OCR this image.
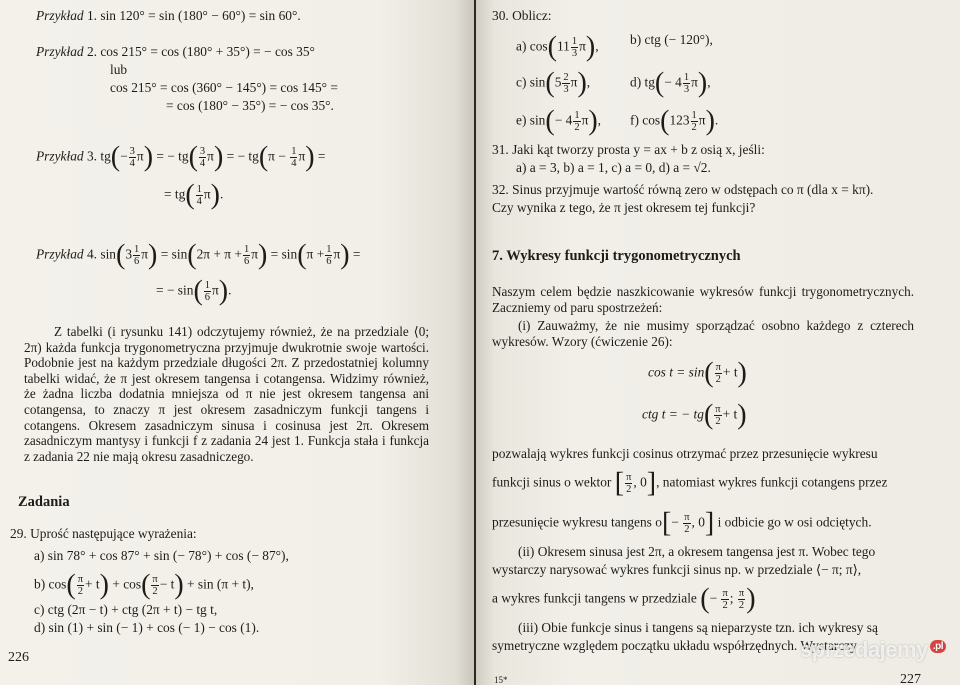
Przykład 1. sin 120° = sin (180° − 60°) = sin 60°.
Przykład 2. cos 215° = cos (180° + 35°) = − cos 35°
lub
cos 215° = cos (360° − 145°) = cos 145° =
= cos (180° − 35°) = − cos 35°.
Przykład 3. $tg(- \frac{3}{4} \pi)$ = − $tg( \frac{3}{4} \pi)$ = − $tg(\pi - \frac{1}{4} \pi)$ =
= $tg( \frac{1}{4} \pi)$.
Przykład 4. $\sin(3 \frac{1}{6} \pi) = \sin(2\pi + \pi + \frac{1}{6} \pi) = \sin(\pi + \frac{1}{6} \pi)$ =
= − $\sin( \frac{1}{6} \pi)$.
Z tabelki (i rysunku 141) odczytujemy również, że na przedziale ⟨0; 2π) każda funkcja trygonometryczna przyjmuje dwukrotnie swoje wartości. Podobnie jest na każdym przedziale długości 2π. Z przedostatniej kolumny tabelki widać, że π jest okresem tangensa i cotangensa. Widzimy również, że żadna liczba dodatnia mniejsza od π nie jest okresem tangensa ani cotangensa, to znaczy π jest okresem zasadniczym funkcji tangens i cotangens. Okresem zasadniczym sinusa i cosinusa jest 2π. Okresem zasadniczym mantysy i funkcji f z zadania 24 jest 1. Funkcja stała i funkcja z zadania 22 nie mają okresu zasadniczego.
Zadania
29. Uprość następujące wyrażenia:
a) sin 78° + cos 87° + sin (− 78°) + cos (− 87°),
b) $\cos( \frac{\pi}{2} + t) + \cos( \frac{\pi}{2} - t) + \sin (\pi + t)$,
c) ctg (2π − t) + ctg (2π + t) − tg t,
d) sin (1) + sin (− 1) + cos (− 1) − cos (1).
226
30. Oblicz:
a) $\cos(11 \frac{1}{3} \pi)$, b) ctg (− 120°),
c) $\sin(5 \frac{2}{3} \pi)$,	d) $tg(- 4 \frac{1}{3} \pi)$,
e) $\sin(- 4 \frac{1}{2} \pi)$, f) $\cos(123 \frac{1}{2} \pi)$.
31. Jaki kąt tworzy prosta y = ax + b z osią x, jeśli:
a) a = 3, b) a = 1, c) a = 0, d) a = √2.
32. Sinus przyjmuje wartość równą zero w odstępach co π (dla x = kπ).
Czy wynika z tego, że π jest okresem tej funkcji?
7. Wykresy funkcji trygonometrycznych
Naszym celem będzie naszkicowanie wykresów funkcji trygonometrycznych. Zaczniemy od paru spostrzeżeń:
(i) Zauważmy, że nie musimy sporządzać osobno każdego z czterech wykresów. Wzory (ćwiczenie 26):
$\cos t = \sin( \frac{\pi}{2} + t)$
ctg t = − $tg( \frac{\pi}{2} + t)$
pozwalają wykres funkcji cosinus otrzymać przez przesunięcie wykresu
funkcji sinus o wektor [ $\frac{\pi}{2}$ , 0], natomiast wykres funkcji cotangens przez
przesunięcie wykresu tangens $o[- \frac{\pi}{2}$ , 0] i odbicie go w osi odciętych.
(ii) Okresem sinusa jest 2π, a okresem tangensa jest π. Wobec tego
wystarczy narysować wykres funkcji sinus np. w przedziale ⟨− π; π⟩,
a wykres funkcji tangens w przedziale (− $\frac{\pi}{2}$ ; $\frac{\pi}{2}$ )
(iii) Obie funkcje sinus i tangens są nieparzyste tzn. ich wykresy są
symetryczne względem początku układu współrzędnych. Wystarczy
15*	227
sprzedajemy .pl
